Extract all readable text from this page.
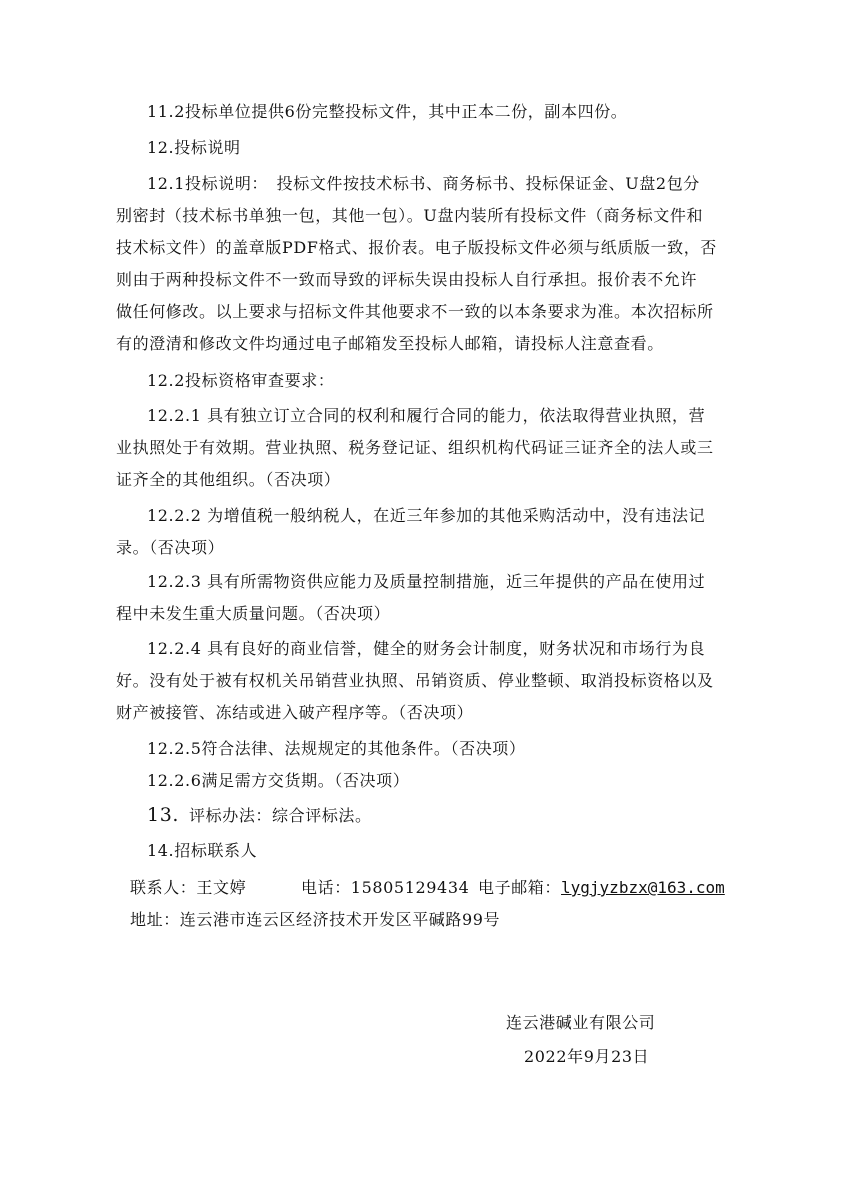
11.2投标单位提供6份完整投标文件，其中正本二份，副本四份。
12.投标说明
12.1投标说明：　投标文件按技术标书、商务标书、投标保证金、U盘2包分
别密封（技术标书单独一包，其他一包）。U盘内装所有投标文件（商务标文件和
技术标文件）的盖章版PDF格式、报价表。电子版投标文件必须与纸质版一致，否
则由于两种投标文件不一致而导致的评标失误由投标人自行承担。报价表不允许
做任何修改。以上要求与招标文件其他要求不一致的以本条要求为准。本次招标所
有的澄清和修改文件均通过电子邮箱发至投标人邮箱，请投标人注意查看。
12.2投标资格审查要求：
12.2.1 具有独立订立合同的权利和履行合同的能力，依法取得营业执照，营
业执照处于有效期。营业执照、税务登记证、组织机构代码证三证齐全的法人或三
证齐全的其他组织。（否决项）
12.2.2 为增值税一般纳税人，在近三年参加的其他采购活动中，没有违法记
录。（否决项）
12.2.3 具有所需物资供应能力及质量控制措施，近三年提供的产品在使用过
程中未发生重大质量问题。（否决项）
12.2.4 具有良好的商业信誉，健全的财务会计制度，财务状况和市场行为良
好。没有处于被有权机关吊销营业执照、吊销资质、停业整顿、取消投标资格以及
财产被接管、冻结或进入破产程序等。（否决项）
12.2.5符合法律、法规规定的其他条件。（否决项）
12.2.6满足需方交货期。（否决项）
13. 评标办法：综合评标法。
14.招标联系人
联系人：王文婷	电话：15805129434 电子邮箱：lygjyzbzx@163.com
地址：连云港市连云区经济技术开发区平碱路99号
连云港碱业有限公司
2022年9月23日
